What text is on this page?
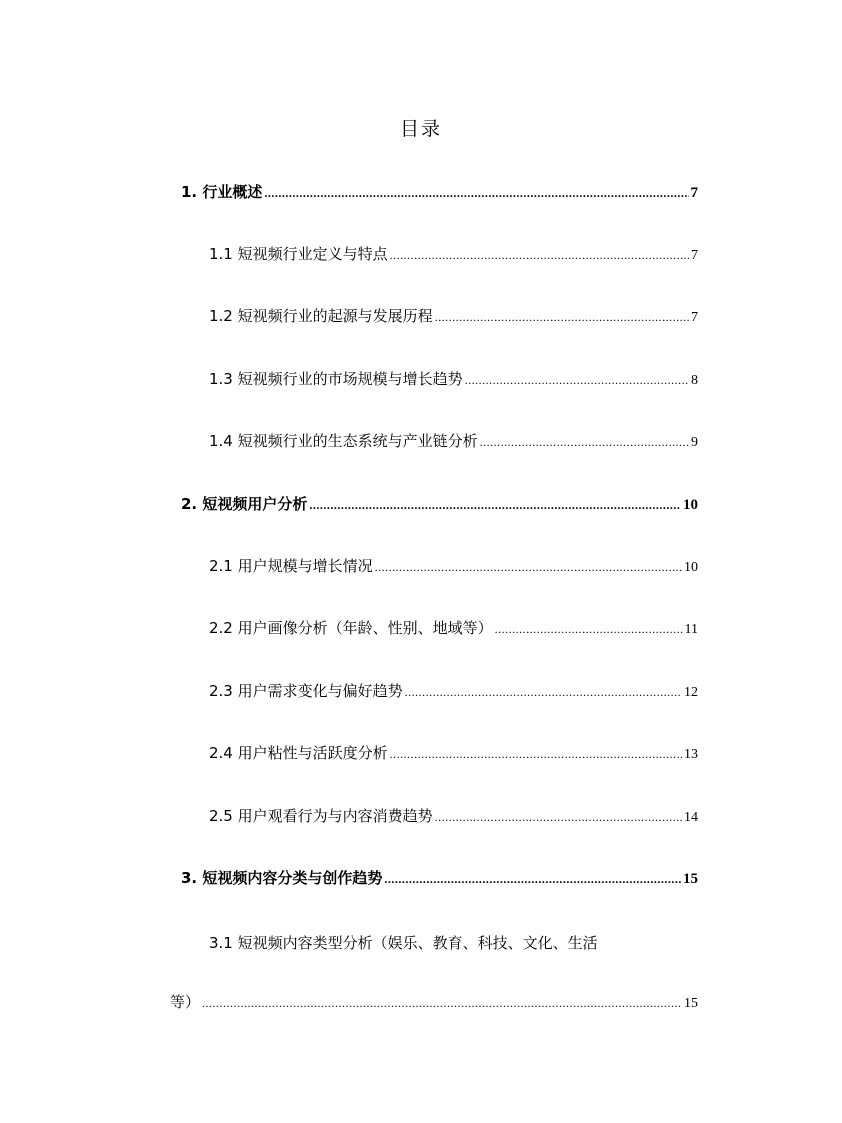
目录
1. 行业概述 .....	7
1.1 短视频行业定义与特点 .....	7
1.2 短视频行业的起源与发展历程 .....	7
1.3 短视频行业的市场规模与增长趋势 .....	8
1.4 短视频行业的生态系统与产业链分析 .....	9
2. 短视频用户分析 .....	10
2.1 用户规模与增长情况 .....	10
2.2 用户画像分析（年龄、性别、地域等） .....	11
2.3 用户需求变化与偏好趋势 .....	12
2.4 用户粘性与活跃度分析 .....	13
2.5 用户观看行为与内容消费趋势 .....	14
3. 短视频内容分类与创作趋势 .....	15
3.1 短视频内容类型分析（娱乐、教育、科技、文化、生活
等） .....	15
